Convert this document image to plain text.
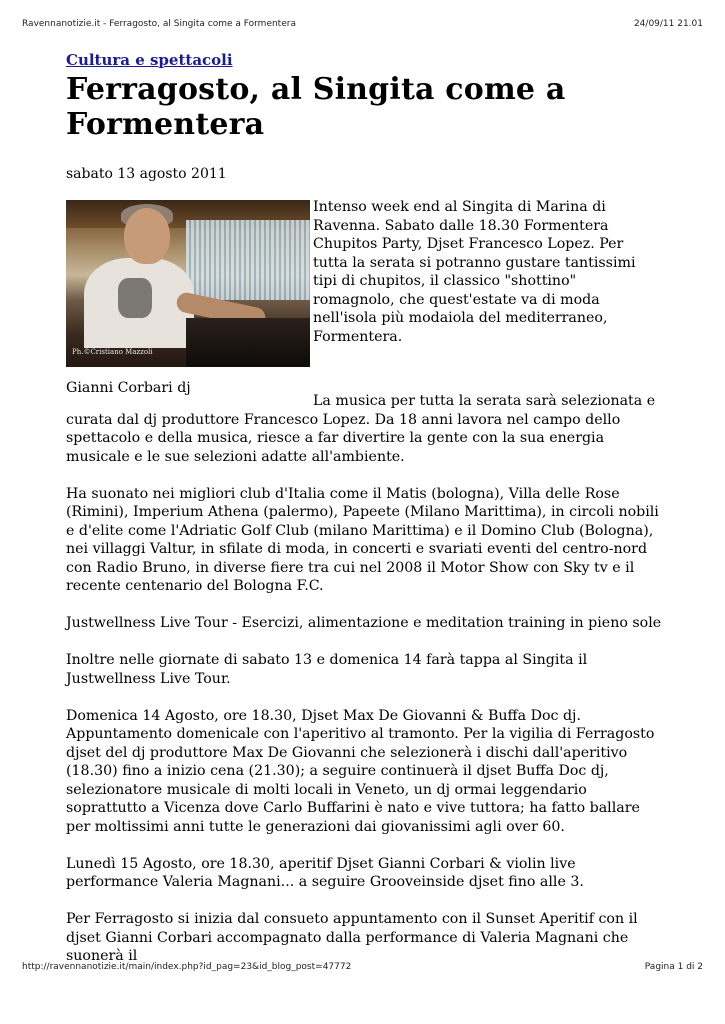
Ravennanotizie.it - Ferragosto, al Singita come a Formentera	24/09/11 21.01
Cultura e spettacoli
Ferragosto, al Singita come a Formentera
sabato 13 agosto 2011
Ph.©Cristiano Mazzoli
Gianni Corbari dj

Intenso week end al Singita di Marina di Ravenna. Sabato dalle 18.30 Formentera Chupitos Party, Djset Francesco Lopez. Per tutta la serata si potranno gustare tantissimi tipi di chupitos, il classico "shottino" romagnolo, che quest'estate va di moda nell'isola più modaiola del mediterraneo, Formentera.

La musica per tutta la serata sarà selezionata e curata dal dj produttore Francesco Lopez. Da 18 anni lavora nel campo dello spettacolo e della musica, riesce a far divertire la gente con la sua energia musicale e le sue selezioni adatte all'ambiente.

Ha suonato nei migliori club d'Italia come il Matis (bologna), Villa delle Rose (Rimini), Imperium Athena (palermo), Papeete (Milano Marittima), in circoli nobili e d'elite come l'Adriatic Golf Club (milano Marittima) e il Domino Club (Bologna), nei villaggi Valtur, in sfilate di moda, in concerti e svariati eventi del centro-nord con Radio Bruno, in diverse fiere tra cui nel 2008 il Motor Show con Sky tv e il recente centenario del Bologna F.C.

Justwellness Live Tour - Esercizi, alimentazione e meditation training in pieno sole

Inoltre nelle giornate di sabato 13 e domenica 14 farà tappa al Singita il Justwellness Live Tour.

Domenica 14 Agosto, ore 18.30, Djset Max De Giovanni & Buffa Doc dj. Appuntamento domenicale con l'aperitivo al tramonto. Per la vigilia di Ferragosto djset del dj produttore Max De Giovanni che selezionerà i dischi dall'aperitivo (18.30) fino a inizio cena (21.30); a seguire continuerà il djset Buffa Doc dj, selezionatore musicale di molti locali in Veneto, un dj ormai leggendario soprattutto a Vicenza dove Carlo Buffarini è nato e vive tuttora; ha fatto ballare per moltissimi anni tutte le generazioni dai giovanissimi agli over 60.

Lunedì 15 Agosto, ore 18.30, aperitif Djset Gianni Corbari & violin live performance Valeria Magnani... a seguire Grooveinside djset fino alle 3.

Per Ferragosto si inizia dal consueto appuntamento con il Sunset Aperitif con il djset Gianni Corbari accompagnato dalla performance di Valeria Magnani che suonerà il

http://ravennanotizie.it/main/index.php?id_pag=23&id_blog_post=47772	Pagina 1 di 2
